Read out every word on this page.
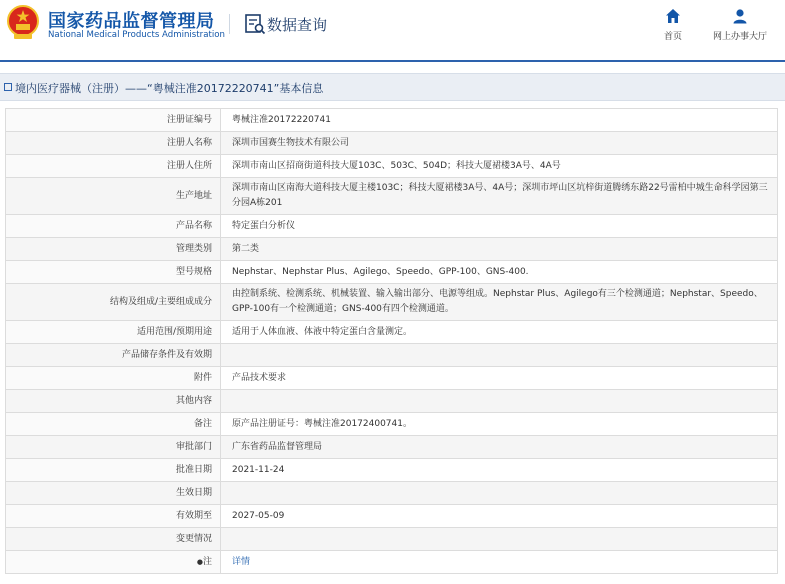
国家药品监督管理局
National Medical Products Administration
数据查询
首页	网上办事大厅
境内医疗器械（注册）——“粤械注准20172220741”基本信息
注册证编号	粤械注准20172220741
注册人名称	深圳市国赛生物技术有限公司
注册人住所	深圳市南山区招商街道科技大厦103C、503C、504D；科技大厦裙楼3A号、4A号
生产地址	深圳市南山区南海大道科技大厦主楼103C；科技大厦裙楼3A号、4A号；深圳市坪山区坑梓街道腾绣东路22号雷柏中城生命科学园第三分园A栋201
产品名称	特定蛋白分析仪
管理类别	第二类
型号规格	Nephstar、Nephstar Plus、Agilego、Speedo、GPP-100、GNS-400.
结构及组成/主要组成成分	由控制系统、检测系统、机械装置、输入输出部分、电源等组成。Nephstar Plus、Agilego有三个检测通道；Nephstar、Speedo、GPP-100有一个检测通道；GNS-400有四个检测通道。
适用范围/预期用途	适用于人体血液、体液中特定蛋白含量测定。
产品储存条件及有效期	
附件	产品技术要求
其他内容	
备注	原产品注册证号：粤械注准20172400741。
审批部门	广东省药品监督管理局
批准日期	2021-11-24
生效日期	
有效期至	2027-05-09
变更情况	
●注	详情
